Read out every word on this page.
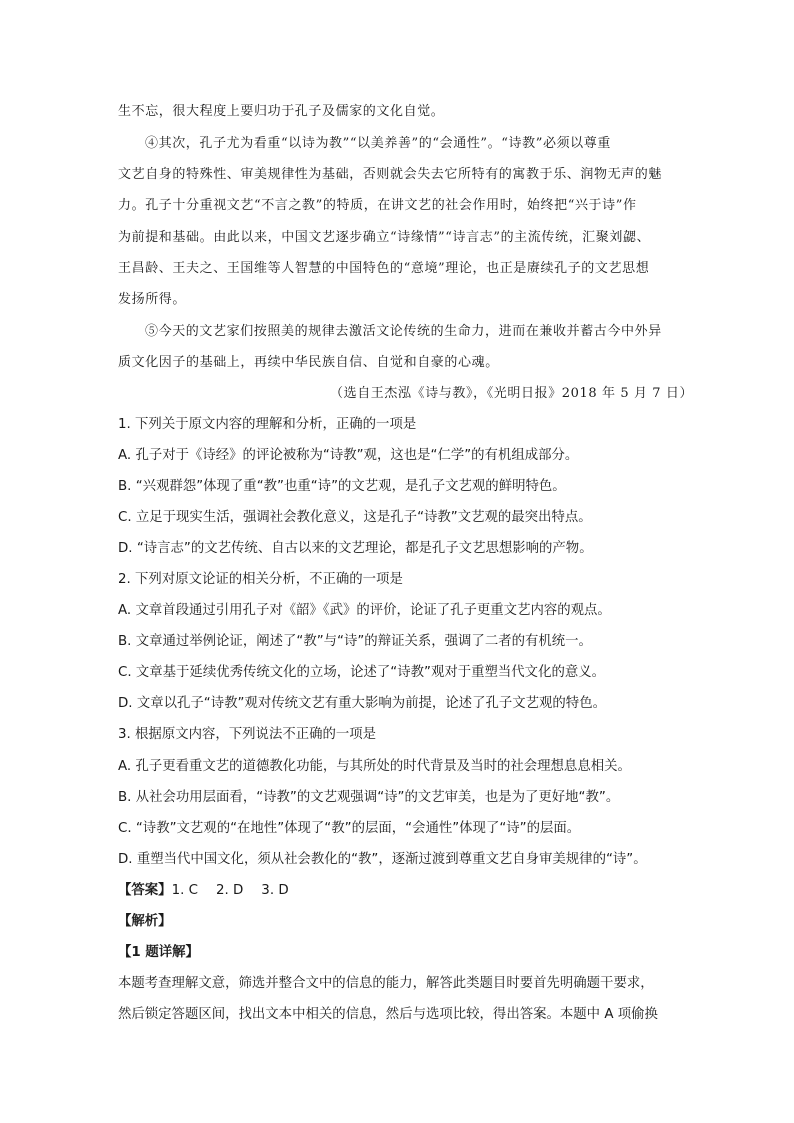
生不忘，很大程度上要归功于孔子及儒家的文化自觉。
④其次，孔子尤为看重“以诗为教”“以美养善”的“会通性”。“诗教”必须以尊重
文艺自身的特殊性、审美规律性为基础，否则就会失去它所特有的寓教于乐、润物无声的魅
力。孔子十分重视文艺“不言之教”的特质，在讲文艺的社会作用时，始终把“兴于诗”作
为前提和基础。由此以来，中国文艺逐步确立“诗缘情”“诗言志”的主流传统，汇聚刘勰、
王昌龄、王夫之、王国维等人智慧的中国特色的“意境”理论，也正是赓续孔子的文艺思想
发扬所得。
⑤今天的文艺家们按照美的规律去激活文论传统的生命力，进而在兼收并蓄古今中外异
质文化因子的基础上，再续中华民族自信、自觉和自豪的心魂。
（选自王杰泓《诗与教》，《光明日报》2018 年 5 月 7 日）
1. 下列关于原文内容的理解和分析，正确的一项是
A. 孔子对于《诗经》的评论被称为“诗教”观，这也是“仁学”的有机组成部分。
B. “兴观群怨”体现了重“教”也重“诗”的文艺观，是孔子文艺观的鲜明特色。
C. 立足于现实生活，强调社会教化意义，这是孔子“诗教”文艺观的最突出特点。
D. “诗言志”的文艺传统、自古以来的文艺理论，都是孔子文艺思想影响的产物。
2. 下列对原文论证的相关分析，不正确的一项是
A. 文章首段通过引用孔子对《韶》《武》的评价，论证了孔子更重文艺内容的观点。
B. 文章通过举例论证，阐述了“教”与“诗”的辩证关系，强调了二者的有机统一。
C. 文章基于延续优秀传统文化的立场，论述了“诗教”观对于重塑当代文化的意义。
D. 文章以孔子“诗教”观对传统文艺有重大影响为前提，论述了孔子文艺观的特色。
3. 根据原文内容，下列说法不正确的一项是
A. 孔子更看重文艺的道德教化功能，与其所处的时代背景及当时的社会理想息息相关。
B. 从社会功用层面看，“诗教”的文艺观强调“诗”的文艺审美，也是为了更好地“教”。
C. “诗教”文艺观的“在地性”体现了“教”的层面，“会通性”体现了“诗”的层面。
D. 重塑当代中国文化，须从社会教化的“教”，逐渐过渡到尊重文艺自身审美规律的“诗”。
【答案】1. C 2. D 3. D
【解析】
【1 题详解】
本题考查理解文意，筛选并整合文中的信息的能力，解答此类题目时要首先明确题干要求，
然后锁定答题区间，找出文本中相关的信息，然后与选项比较，得出答案。本题中 A 项偷换
